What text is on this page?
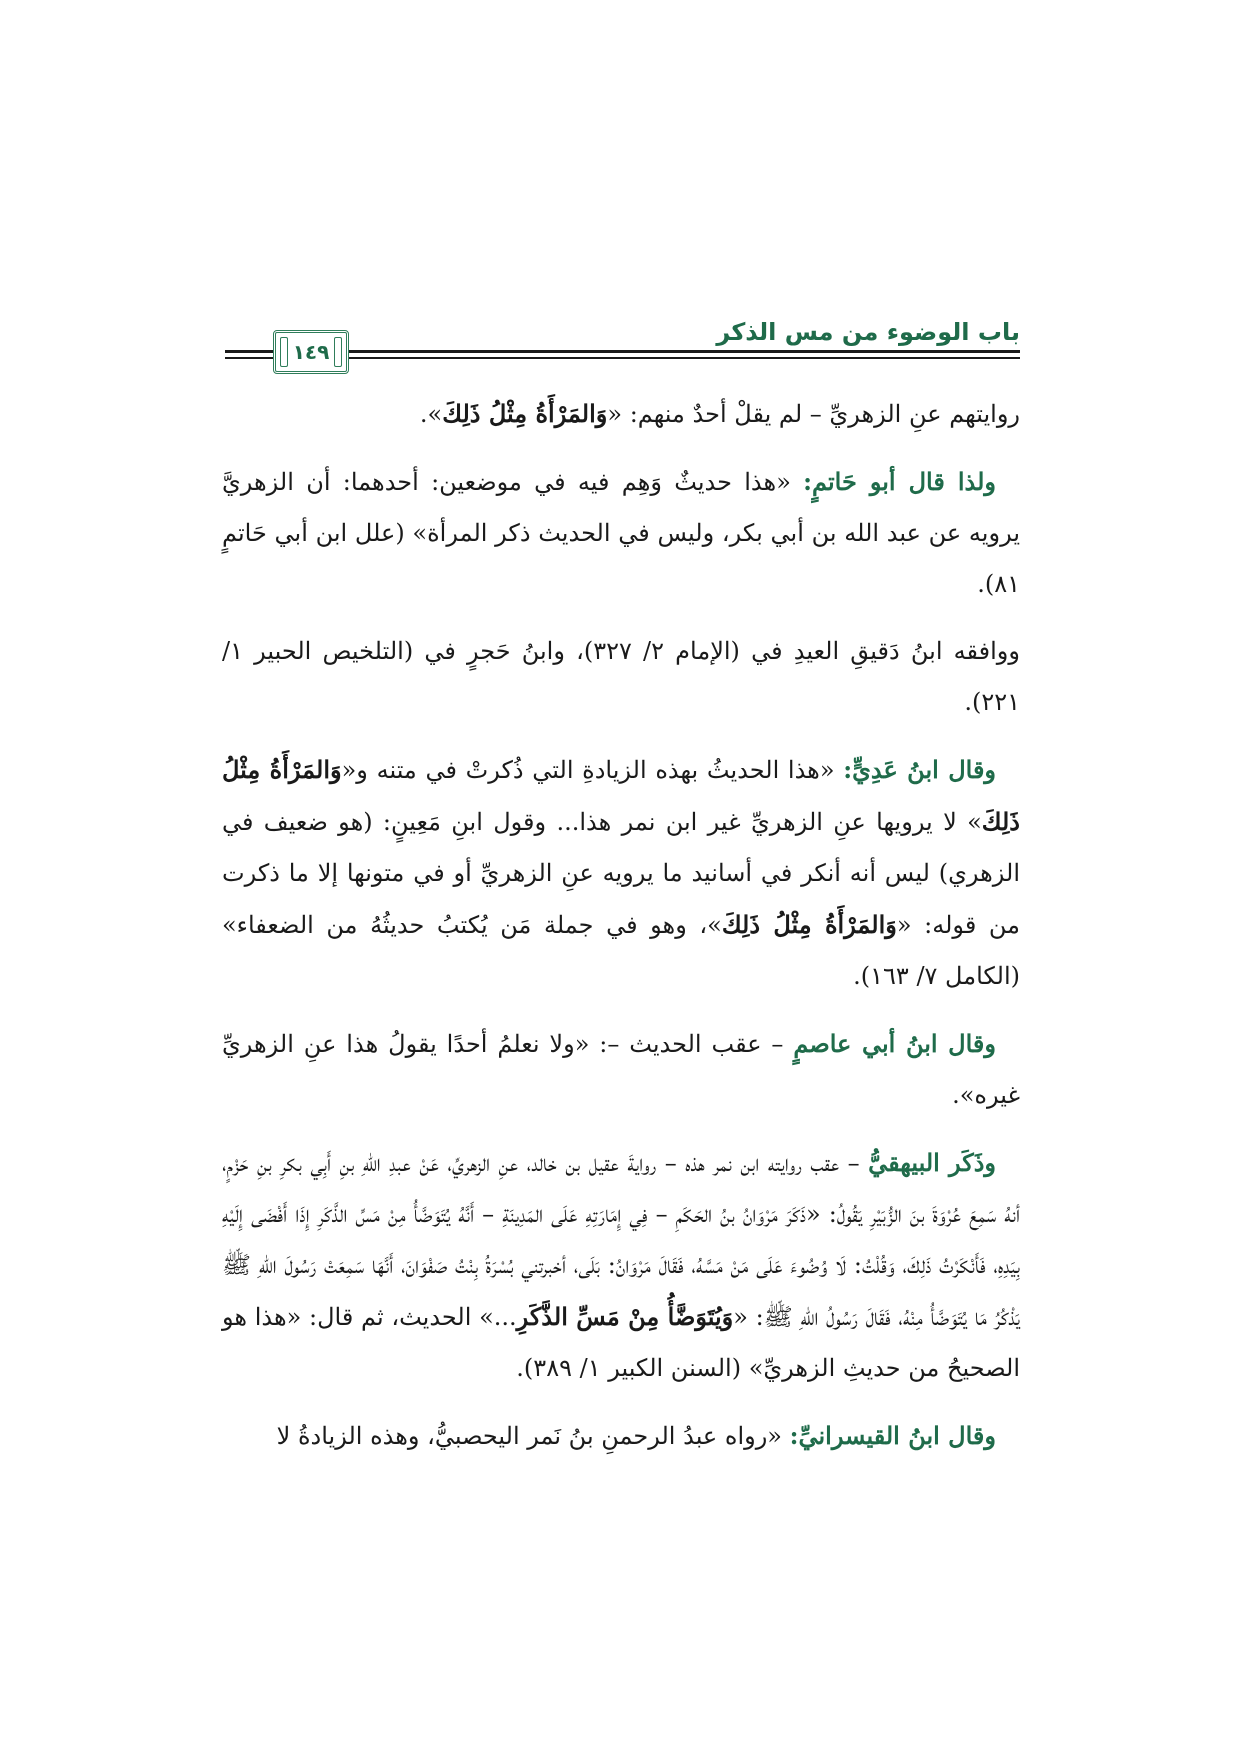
١٤٩
باب الوضوء من مس الذكر

روايتهم عنِ الزهريِّ – لم يقلْ أحدٌ منهم: «وَالمَرْأَةُ مِثْلُ ذَلِكَ».

ولذا قال أبو حَاتمٍ: «هذا حديثٌ وَهِم فيه في موضعين: أحدهما: أن الزهريَّ يرويه عن عبد الله بن أبي بكر، وليس في الحديث ذكر المرأة» (علل ابن أبي حَاتمٍ ٨١).

ووافقه ابنُ دَقيقِ العيدِ في (الإمام ٢/ ٣٢٧)، وابنُ حَجرٍ في (التلخيص الحبير ١/ ٢٢١).

وقال ابنُ عَدِيٍّ: «هذا الحديثُ بهذه الزيادةِ التي ذُكرتْ في متنه و«وَالمَرْأَةُ مِثْلُ ذَلِكَ» لا يرويها عنِ الزهريِّ غير ابن نمر هذا... وقول ابنِ مَعِينٍ: (هو ضعيف في الزهري) ليس أنه أنكر في أسانيد ما يرويه عنِ الزهريِّ أو في متونها إلا ما ذكرت من قوله: «وَالمَرْأَةُ مِثْلُ ذَلِكَ»، وهو في جملة مَن يُكتبُ حديثُهُ من الضعفاء» (الكامل ٧/ ١٦٣).

وقال ابنُ أبي عاصمٍ – عقب الحديث –: «ولا نعلمُ أحدًا يقولُ هذا عنِ الزهريِّ غيره».

وذَكَر البيهقيُّ – عقب روايته ابن نمر هذه – روايةَ عقيل بن خالد، عنِ الزهريِّ، عَنْ عبدِ اللهِ بنِ أَبِي بكرِ بنِ حَزْمٍ، أنهُ سَمِعَ عُرْوَةَ بنَ الزُّبَيْرِ يَقُولُ: «ذَكَرَ مَرْوَانُ بنُ الحَكَمِ – فِي إِمَارَتِهِ عَلَى المَدِينَةِ – أَنَّهُ يُتَوَضَّأُ مِنْ مَسِّ الذَّكَرِ إِذَا أَفْضَى إِلَيْهِ بِيَدِهِ، فَأَنْكَرْتُ ذَلِكَ، وَقُلْتُ: لَا وُضُوءَ عَلَى مَنْ مَسَّهُ، فَقَالَ مَرْوَانُ: بَلَى، أخبرتني بُسْرَةُ بِنْتُ صَفْوَانَ، أَنَّهَا سَمِعَتْ رَسُولَ اللهِ ﷺ يَذْكُرُ مَا يُتَوَضَّأُ مِنْهُ، فَقَالَ رَسُولُ اللهِ ﷺ: «وَيُتَوَضَّأُ مِنْ مَسِّ الذَّكَرِ...» الحديث، ثم قال: «هذا هو الصحيحُ من حديثِ الزهريِّ» (السنن الكبير ١/ ٣٨٩).

وقال ابنُ القيسرانيِّ: «رواه عبدُ الرحمنِ بنُ نَمر اليحصبيُّ، وهذه الزيادةُ لا
